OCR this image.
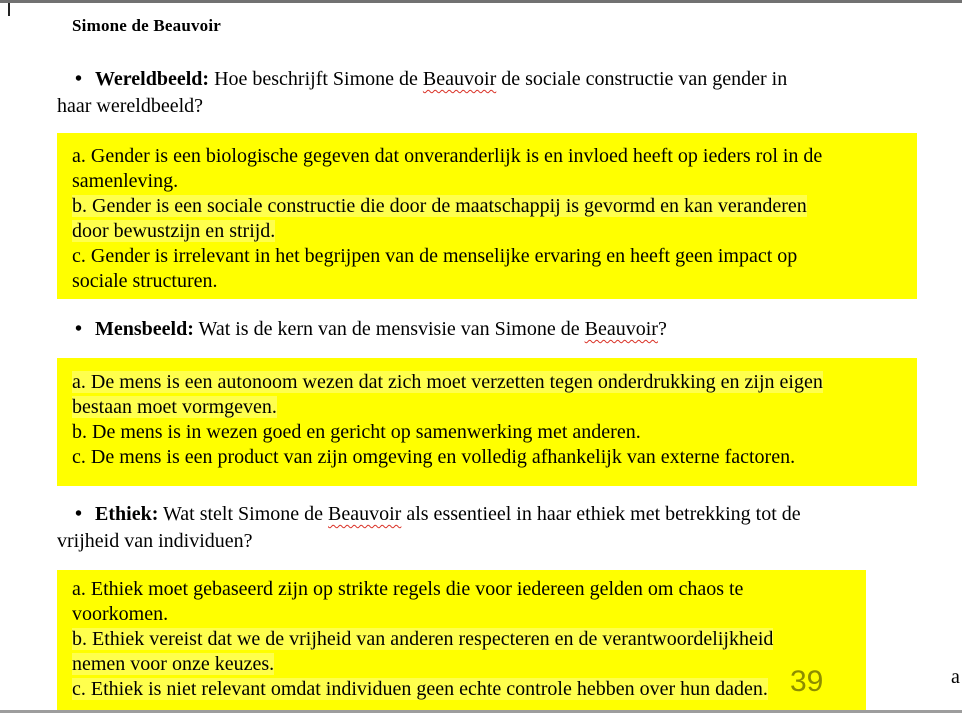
Simone de Beauvoir

• Wereldbeeld: Hoe beschrijft Simone de Beauvoir de sociale constructie van gender in
haar wereldbeeld?

a. Gender is een biologische gegeven dat onveranderlijk is en invloed heeft op ieders rol in de
samenleving.

b. Gender is een sociale constructie die door de maatschappij is gevormd en kan veranderen
door bewustzijn en strijd.

c. Gender is irrelevant in het begrijpen van de menselijke ervaring en heeft geen impact op
sociale structuren.

• Mensbeeld: Wat is de kern van de mensvisie van Simone de Beauvoir?

a. De mens is een autonoom wezen dat zich moet verzetten tegen onderdrukking en zijn eigen
bestaan moet vormgeven.

b. De mens is in wezen goed en gericht op samenwerking met anderen.

c. De mens is een product van zijn omgeving en volledig afhankelijk van externe factoren.

• Ethiek: Wat stelt Simone de Beauvoir als essentieel in haar ethiek met betrekking tot de
vrijheid van individuen?

a. Ethiek moet gebaseerd zijn op strikte regels die voor iedereen gelden om chaos te
voorkomen.

b. Ethiek vereist dat we de vrijheid van anderen respecteren en de verantwoordelijkheid
nemen voor onze keuzes.

c. Ethiek is niet relevant omdat individuen geen echte controle hebben over hun daden. 39	a
